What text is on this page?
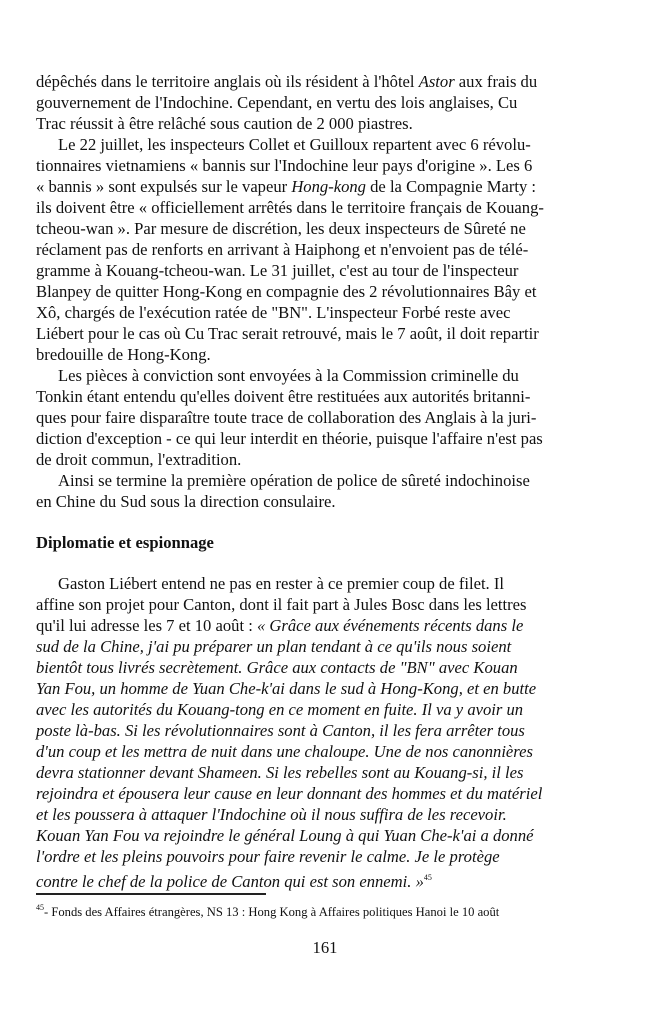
dépêchés dans le territoire anglais où ils résident à l'hôtel Astor aux frais du
gouvernement de l'Indochine. Cependant, en vertu des lois anglaises, Cu
Trac réussit à être relâché sous caution de 2 000 piastres.
Le 22 juillet, les inspecteurs Collet et Guilloux repartent avec 6 révolu-
tionnaires vietnamiens « bannis sur l'Indochine leur pays d'origine ». Les 6
« bannis » sont expulsés sur le vapeur Hong-kong de la Compagnie Marty :
ils doivent être « officiellement arrêtés dans le territoire français de Kouang-
tcheou-wan ». Par mesure de discrétion, les deux inspecteurs de Sûreté ne
réclament pas de renforts en arrivant à Haiphong et n'envoient pas de télé-
gramme à Kouang-tcheou-wan. Le 31 juillet, c'est au tour de l'inspecteur
Blanpey de quitter Hong-Kong en compagnie des 2 révolutionnaires Bây et
Xô, chargés de l'exécution ratée de "BN". L'inspecteur Forbé reste avec
Liébert pour le cas où Cu Trac serait retrouvé, mais le 7 août, il doit repartir
bredouille de Hong-Kong.
Les pièces à conviction sont envoyées à la Commission criminelle du
Tonkin étant entendu qu'elles doivent être restituées aux autorités britanni-
ques pour faire disparaître toute trace de collaboration des Anglais à la juri-
diction d'exception - ce qui leur interdit en théorie, puisque l'affaire n'est pas
de droit commun, l'extradition.
Ainsi se termine la première opération de police de sûreté indochinoise
en Chine du Sud sous la direction consulaire.
Diplomatie et espionnage
Gaston Liébert entend ne pas en rester à ce premier coup de filet. Il
affine son projet pour Canton, dont il fait part à Jules Bosc dans les lettres
qu'il lui adresse les 7 et 10 août : « Grâce aux événements récents dans le
sud de la Chine, j'ai pu préparer un plan tendant à ce qu'ils nous soient
bientôt tous livrés secrètement. Grâce aux contacts de "BN" avec Kouan
Yan Fou, un homme de Yuan Che-k'ai dans le sud à Hong-Kong, et en butte
avec les autorités du Kouang-tong en ce moment en fuite. Il va y avoir un
poste là-bas. Si les révolutionnaires sont à Canton, il les fera arrêter tous
d'un coup et les mettra de nuit dans une chaloupe. Une de nos canonnières
devra stationner devant Shameen. Si les rebelles sont au Kouang-si, il les
rejoindra et épousera leur cause en leur donnant des hommes et du matériel
et les poussera à attaquer l'Indochine où il nous suffira de les recevoir.
Kouan Yan Fou va rejoindre le général Loung à qui Yuan Che-k'ai a donné
l'ordre et les pleins pouvoirs pour faire revenir le calme. Je le protège
contre le chef de la police de Canton qui est son ennemi. »$^{45}$
$^{45}$- Fonds des Affaires étrangères, NS 13 : Hong Kong à Affaires politiques Hanoi le 10 août
161
